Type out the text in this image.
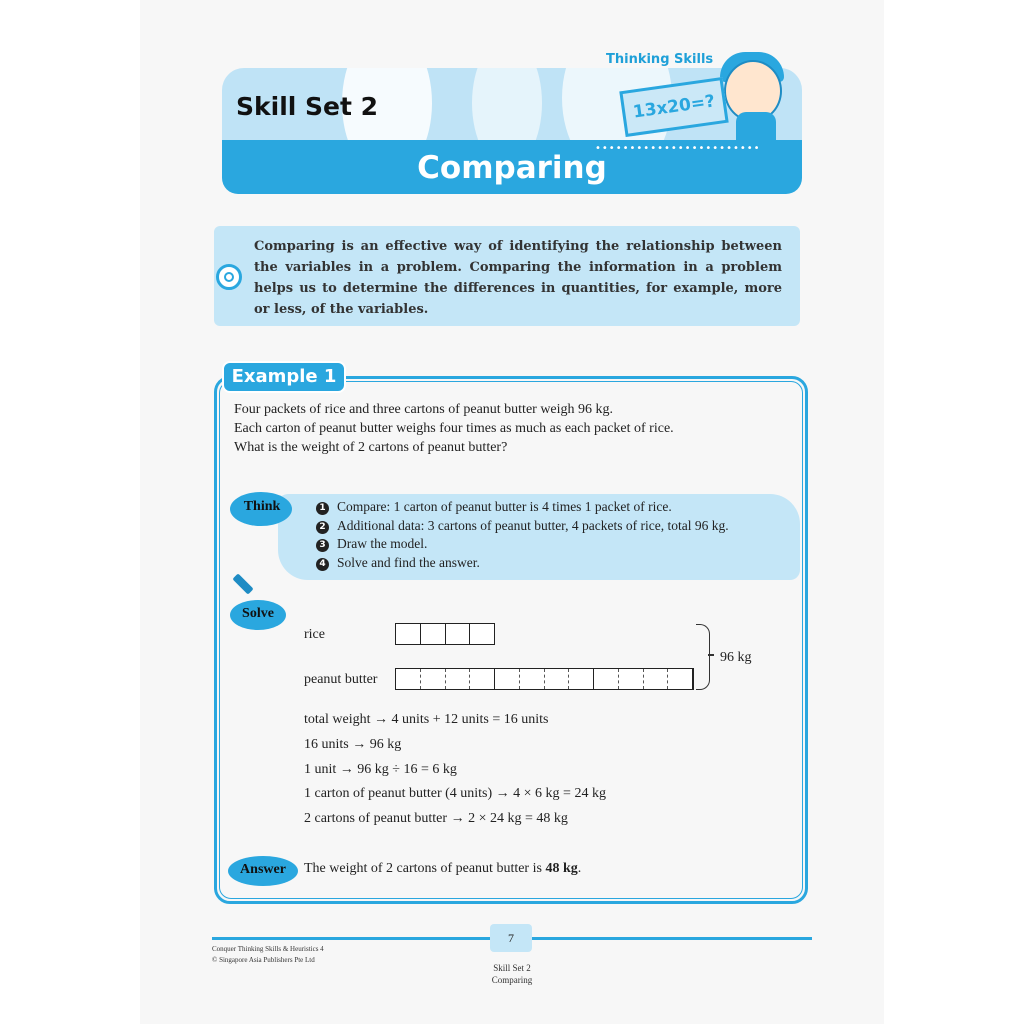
Skill Set 2
Comparing
Thinking Skills
13x20=?
••••••••••••••••••••••••
Comparing is an effective way of identifying the relationship between the variables in a problem. Comparing the information in a problem helps us to determine the differences in quantities, for example, more or less, of the variables.
Example 1
Four packets of rice and three cartons of peanut butter weigh 96 kg.
Each carton of peanut butter weighs four times as much as each packet of rice.
What is the weight of 2 cartons of peanut butter?
Think	1 Compare: 1 carton of peanut butter is 4 times 1 packet of rice.
2 Additional data: 3 cartons of peanut butter, 4 packets of rice, total 96 kg.
3 Draw the model.
4 Solve and find the answer.
Solve
rice
peanut butter
96 kg
total weight → 4 units + 12 units = 16 units
16 units → 96 kg
1 unit → 96 kg ÷ 16 = 6 kg
1 carton of peanut butter (4 units) → 4 × 6 kg = 24 kg
2 cartons of peanut butter → 2 × 24 kg = 48 kg
Answer	The weight of 2 cartons of peanut butter is 48 kg.
7
Conquer Thinking Skills & Heuristics 4
© Singapore Asia Publishers Pte Ltd
Skill Set 2
Comparing
